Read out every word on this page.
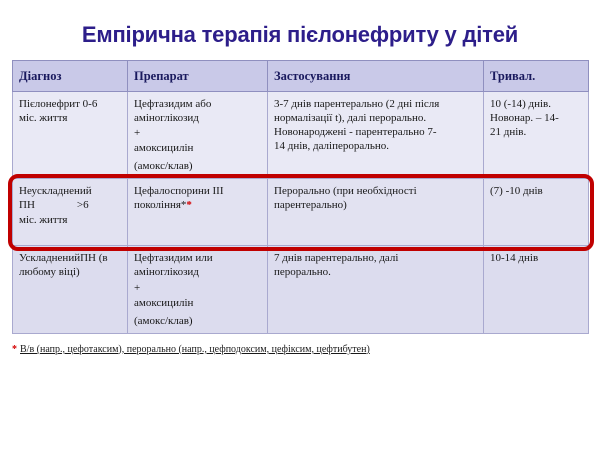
Емпірична терапія пієлонефриту у дітей
Діагноз	Препарат	Застосування	Тривал.

Пієлонефрит 0-6
міс. життя	Цефтазидим або
аміноглікозид
+
амоксицилін
(амокс/клав)	3-7 днів парентерально (2 дні після
нормалізації t), далі перорально.
Новонароджені - парентерально 7-
14 днів, даліперорально.	10 (-14) днів.
Новонар. – 14-
21 днів.

Неускладнений
ПН >6
міс. життя	Цефалоспорини ІІІ
покоління**	Перорально (при необхідності
парентерально)	(7) -10 днів

УскладненийПН (в
любому віці)	Цефтазидим или
аміноглікозид
+
амоксицилін
(амокс/клав)	7 днів парентерально, далі
перорально.	10-14 днів
* В/в (напр., цефотаксим), перорально (напр., цефподоксим, цефіксим, цефтибутен)
